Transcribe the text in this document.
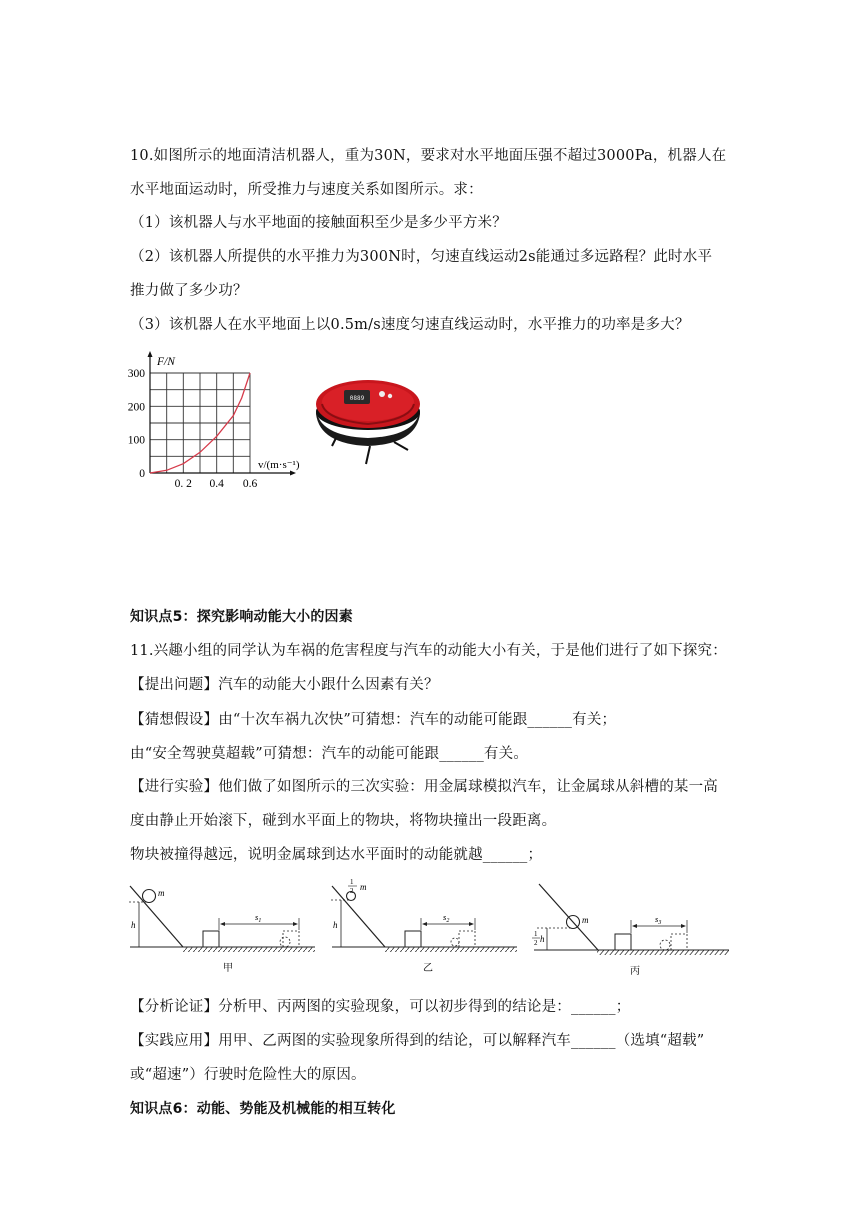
10.如图所示的地面清洁机器人，重为30N，要求对水平地面压强不超过3000Pa，机器人在
水平地面运动时，所受推力与速度关系如图所示。求：
（1）该机器人与水平地面的接触面积至少是多少平方米？
（2）该机器人所提供的水平推力为300N时，匀速直线运动2s能通过多远路程？此时水平
推力做了多少功？
（3）该机器人在水平地面上以0.5m/s速度匀速直线运动时，水平推力的功率是多大？
F/N
v/(m·s⁻¹)
300
200
100
0
0. 2 0.4 0.6
0889
知识点5：探究影响动能大小的因素
11.兴趣小组的同学认为车祸的危害程度与汽车的动能大小有关，于是他们进行了如下探究：
【提出问题】汽车的动能大小跟什么因素有关？
【猜想假设】由“十次车祸九次快”可猜想：汽车的动能可能跟______有关；
由“安全驾驶莫超载”可猜想：汽车的动能可能跟______有关。
【进行实验】他们做了如图所示的三次实验：用金属球模拟汽车，让金属球从斜槽的某一高
度由静止开始滚下，碰到水平面上的物块，将物块撞出一段距离。
物块被撞得越远，说明金属球到达水平面时的动能就越______；
m
h
$s_1$
甲
1
2 m
h
$s_2$
乙
m
1
2 h
$s_3$
丙
【分析论证】分析甲、丙两图的实验现象，可以初步得到的结论是：______；
【实践应用】用甲、乙两图的实验现象所得到的结论，可以解释汽车______（选填“超载”
或“超速”）行驶时危险性大的原因。
知识点6：动能、势能及机械能的相互转化
